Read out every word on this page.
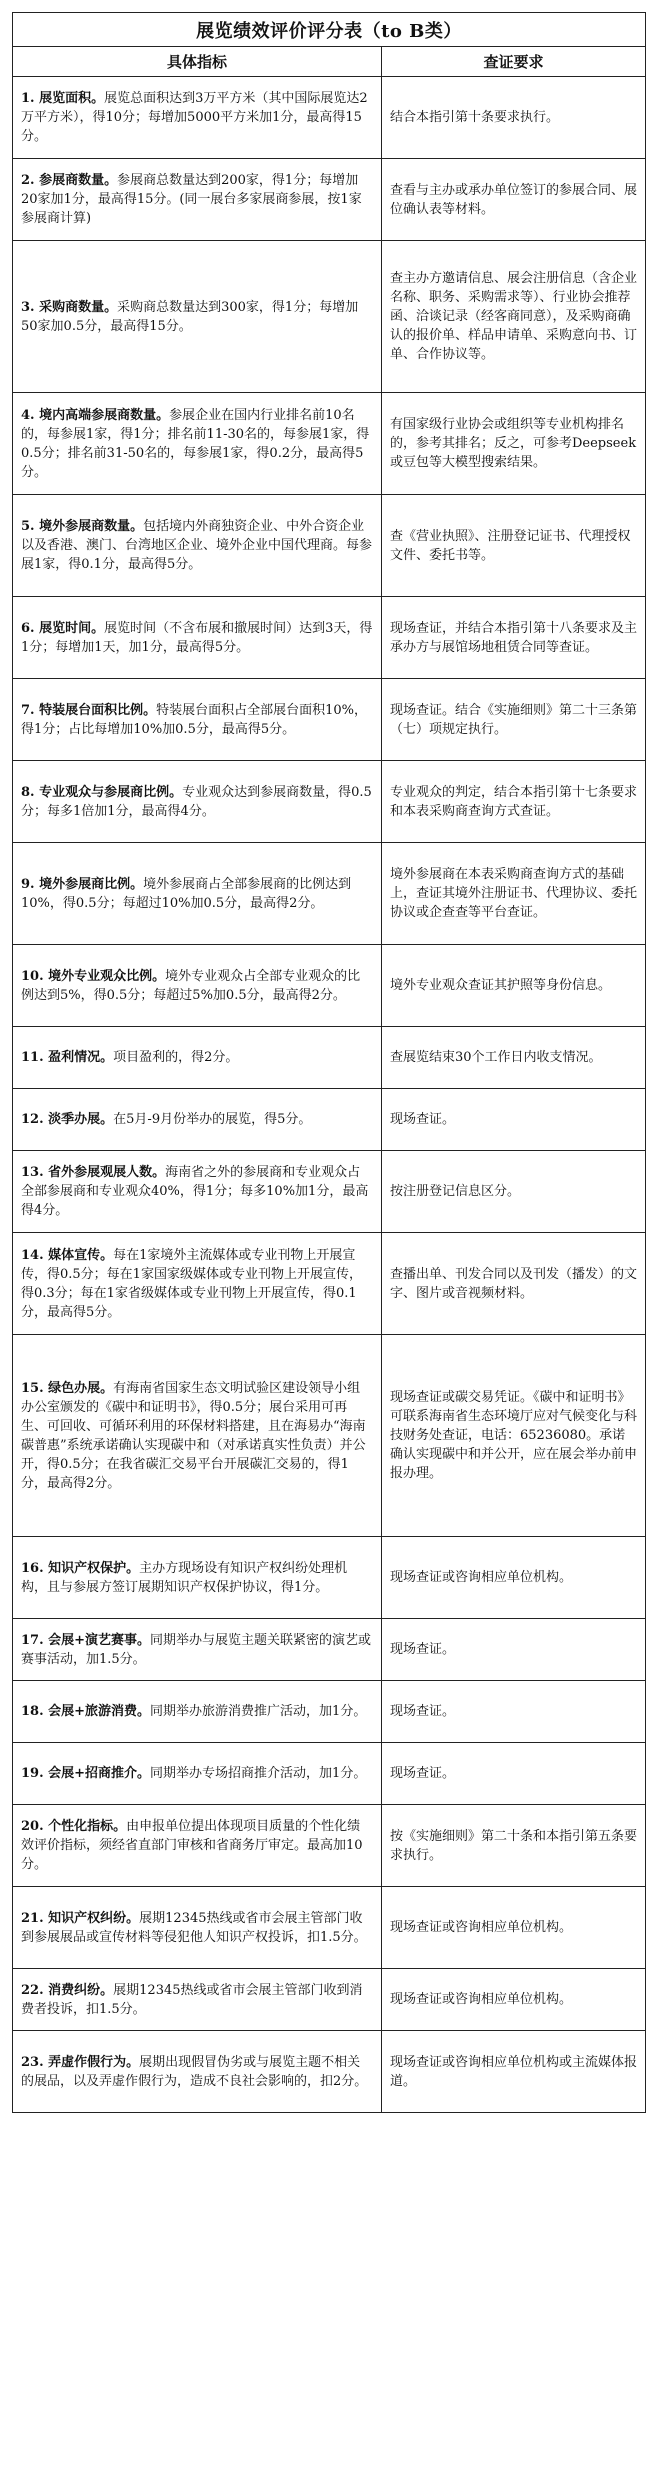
展览绩效评价评分表（to B类）	
具体指标	查证要求
1. 展览面积。展览总面积达到3万平方米（其中国际展览达2万平方米），得10分；每增加5000平方米加1分，最高得15分。	结合本指引第十条要求执行。
2. 参展商数量。参展商总数量达到200家，得1分；每增加20家加1分，最高得15分。(同一展台多家展商参展，按1家参展商计算)	查看与主办或承办单位签订的参展合同、展位确认表等材料。
3. 采购商数量。采购商总数量达到300家，得1分；每增加50家加0.5分，最高得15分。	查主办方邀请信息、展会注册信息（含企业名称、职务、采购需求等）、行业协会推荐函、洽谈记录（经客商同意），及采购商确认的报价单、样品申请单、采购意向书、订单、合作协议等。
4. 境内高端参展商数量。参展企业在国内行业排名前10名的，每参展1家，得1分；排名前11-30名的，每参展1家，得0.5分；排名前31-50名的，每参展1家，得0.2分，最高得5分。	有国家级行业协会或组织等专业机构排名的，参考其排名；反之，可参考Deepseek或豆包等大模型搜索结果。
5. 境外参展商数量。包括境内外商独资企业、中外合资企业以及香港、澳门、台湾地区企业、境外企业中国代理商。每参展1家，得0.1分，最高得5分。	查《营业执照》、注册登记证书、代理授权文件、委托书等。
6. 展览时间。展览时间（不含布展和撤展时间）达到3天，得1分；每增加1天，加1分，最高得5分。	现场查证，并结合本指引第十八条要求及主承办方与展馆场地租赁合同等查证。
7. 特装展台面积比例。特装展台面积占全部展台面积10%，得1分；占比每增加10%加0.5分，最高得5分。	现场查证。结合《实施细则》第二十三条第（七）项规定执行。
8. 专业观众与参展商比例。专业观众达到参展商数量，得0.5分；每多1倍加1分，最高得4分。	专业观众的判定，结合本指引第十七条要求和本表采购商查询方式查证。
9. 境外参展商比例。境外参展商占全部参展商的比例达到10%，得0.5分；每超过10%加0.5分，最高得2分。	境外参展商在本表采购商查询方式的基础上，查证其境外注册证书、代理协议、委托协议或企查查等平台查证。
10. 境外专业观众比例。境外专业观众占全部专业观众的比例达到5%，得0.5分；每超过5%加0.5分，最高得2分。	境外专业观众查证其护照等身份信息。
11. 盈利情况。项目盈利的，得2分。	查展览结束30个工作日内收支情况。
12. 淡季办展。在5月-9月份举办的展览，得5分。	现场查证。
13. 省外参展观展人数。海南省之外的参展商和专业观众占全部参展商和专业观众40%，得1分；每多10%加1分，最高得4分。	按注册登记信息区分。
14. 媒体宣传。每在1家境外主流媒体或专业刊物上开展宣传，得0.5分；每在1家国家级媒体或专业刊物上开展宣传，得0.3分；每在1家省级媒体或专业刊物上开展宣传，得0.1分，最高得5分。	查播出单、刊发合同以及刊发（播发）的文字、图片或音视频材料。
15. 绿色办展。有海南省国家生态文明试验区建设领导小组办公室颁发的《碳中和证明书》，得0.5分；展台采用可再生、可回收、可循环利用的环保材料搭建，且在海易办“海南碳普惠”系统承诺确认实现碳中和（对承诺真实性负责）并公开，得0.5分；在我省碳汇交易平台开展碳汇交易的，得1分，最高得2分。	现场查证或碳交易凭证。《碳中和证明书》可联系海南省生态环境厅应对气候变化与科技财务处查证，电话：65236080。承诺确认实现碳中和并公开，应在展会举办前申报办理。
16. 知识产权保护。主办方现场设有知识产权纠纷处理机构，且与参展方签订展期知识产权保护协议，得1分。	现场查证或咨询相应单位机构。
17. 会展+演艺赛事。同期举办与展览主题关联紧密的演艺或赛事活动，加1.5分。	现场查证。
18. 会展+旅游消费。同期举办旅游消费推广活动，加1分。	现场查证。
19. 会展+招商推介。同期举办专场招商推介活动，加1分。	现场查证。
20. 个性化指标。由申报单位提出体现项目质量的个性化绩效评价指标，须经省直部门审核和省商务厅审定。最高加10分。	按《实施细则》第二十条和本指引第五条要求执行。
21. 知识产权纠纷。展期12345热线或省市会展主管部门收到参展展品或宣传材料等侵犯他人知识产权投诉，扣1.5分。	现场查证或咨询相应单位机构。
22. 消费纠纷。展期12345热线或省市会展主管部门收到消费者投诉，扣1.5分。	现场查证或咨询相应单位机构。
23. 弄虚作假行为。展期出现假冒伪劣或与展览主题不相关的展品，以及弄虚作假行为，造成不良社会影响的，扣2分。	现场查证或咨询相应单位机构或主流媒体报道。
